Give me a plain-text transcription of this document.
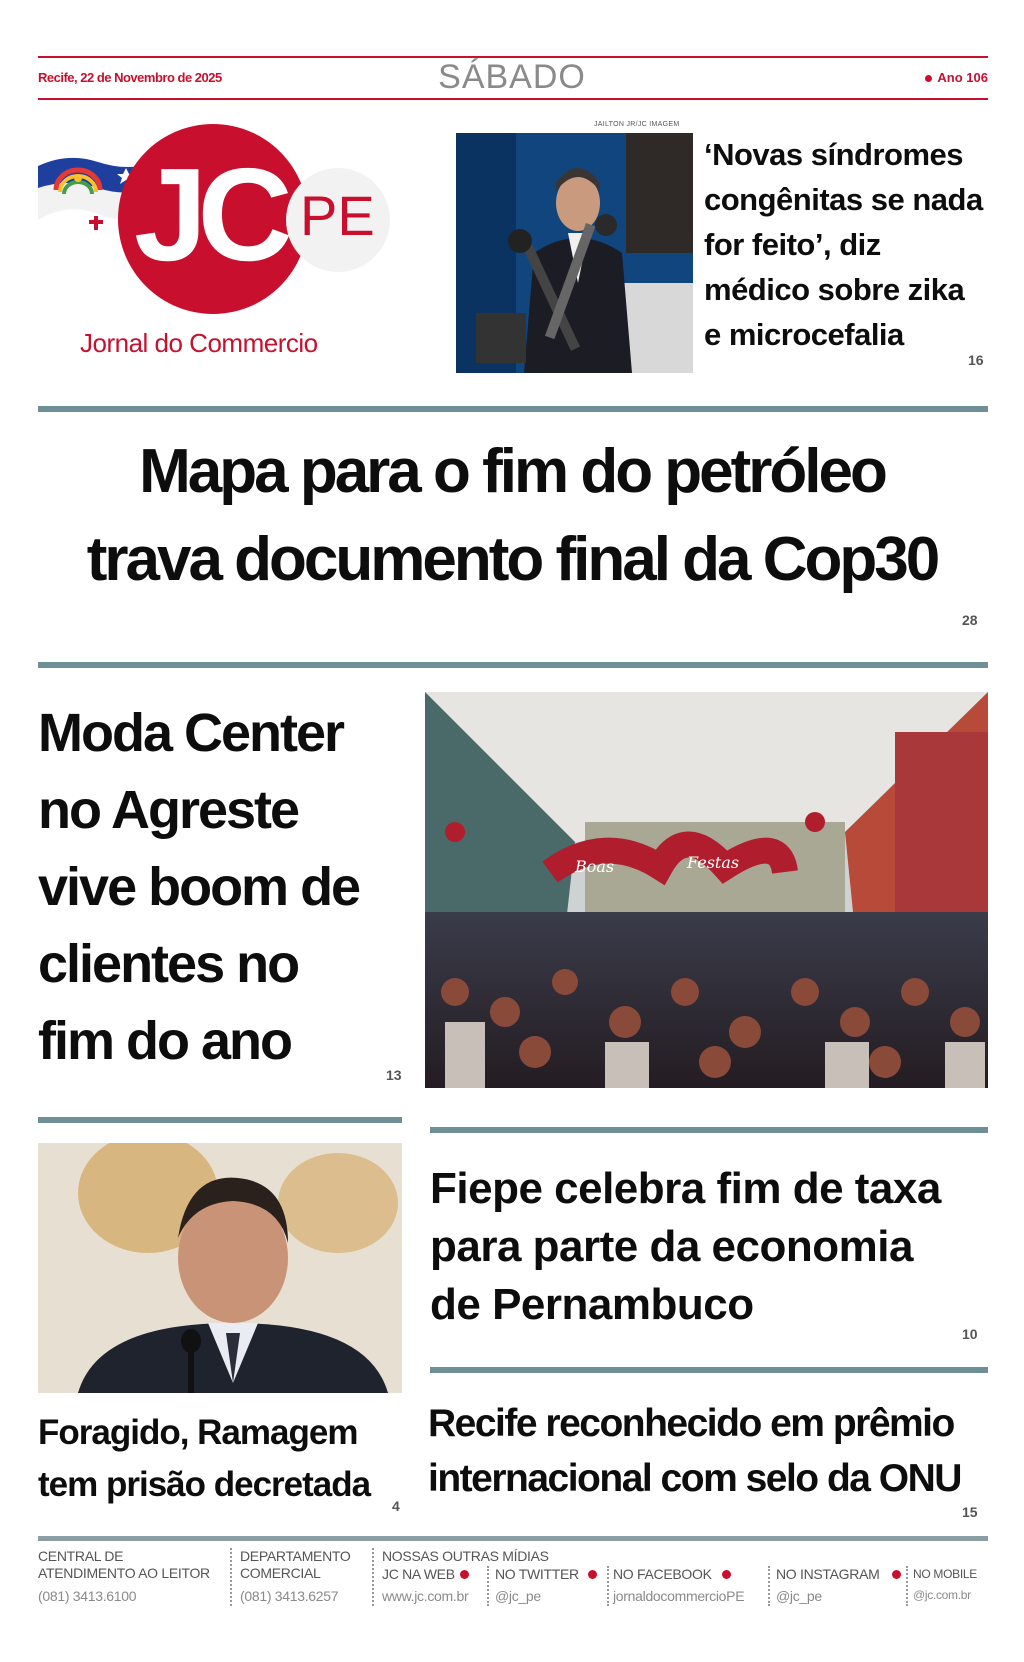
Recife, 22 de Novembro de 2025	SÁBADO	Ano 106
JC PE
Jornal do Commercio
JAILTON JR/JC IMAGEM
‘Novas síndromes congênitas se nada for feito’, diz médico sobre zika e microcefalia
16
Mapa para o fim do petróleo
trava documento final da Cop30
28
Moda Center
no Agreste
vive boom de
clientes no
fim do ano
13
Boas	Festas
Foragido, Ramagem
tem prisão decretada
4
Fiepe celebra fim de taxa
para parte da economia
de Pernambuco
10
Recife reconhecido em prêmio
internacional com selo da ONU
15
CENTRAL DE ATENDIMENTO AO LEITOR
(081) 3413.6100
DEPARTAMENTO COMERCIAL
(081) 3413.6257
NOSSAS OUTRAS MÍDIAS
JC NA WEB
www.jc.com.br
NO TWITTER
@jc_pe
NO FACEBOOK
jornaldocommercioPE
NO INSTAGRAM
@jc_pe
NO MOBILE
@jc.com.br
